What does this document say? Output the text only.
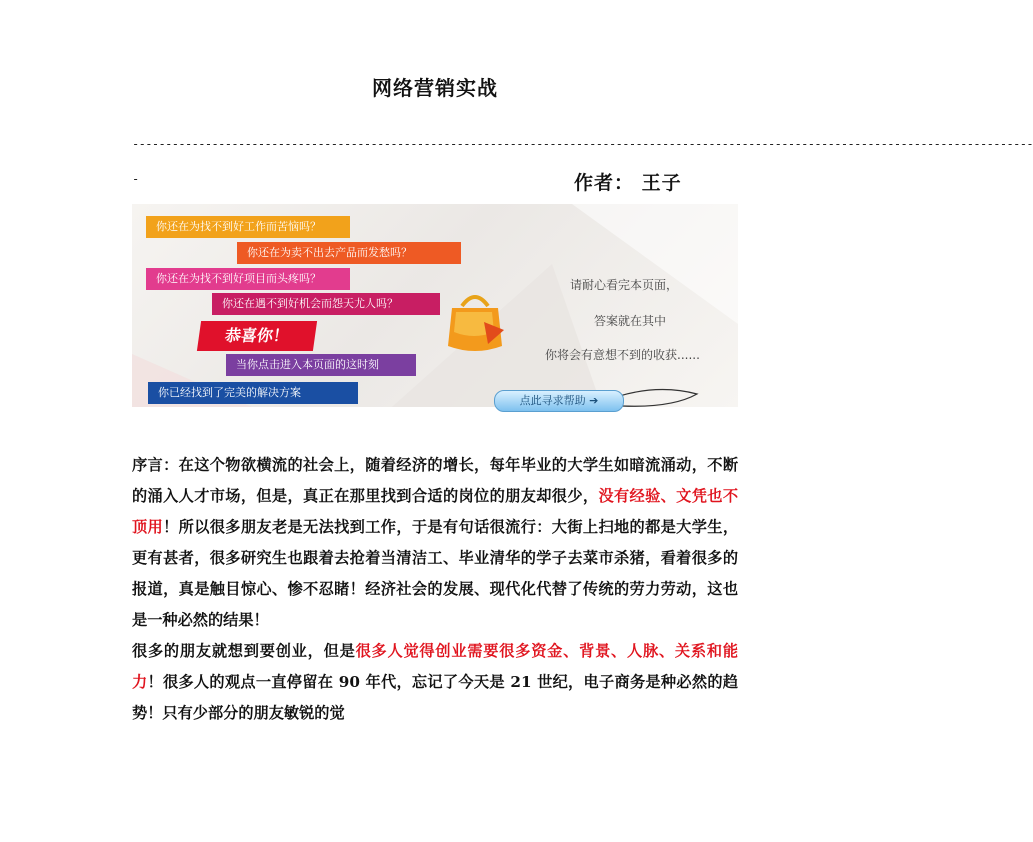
网络营销实战
----------------------------------------------------------------------------------------------------------------------------------------
-	作者： 王子
你还在为找不到好工作而苦恼吗？
你还在为卖不出去产品而发愁吗？
你还在为找不到好项目而头疼吗？
你还在遇不到好机会而怨天尤人吗？
恭喜你！
当你点击进入本页面的这时刻
你已经找到了完美的解决方案
请耐心看完本页面，
答案就在其中
你将会有意想不到的收获......
点此寻求帮助 ➔
序言：在这个物欲横流的社会上，随着经济的增长，每年毕业的大学生如暗流涌动，不断的涌入人才市场，但是，真正在那里找到合适的岗位的朋友却很少，没有经验、文凭也不顶用！所以很多朋友老是无法找到工作，于是有句话很流行：大街上扫地的都是大学生，更有甚者，很多研究生也跟着去抢着当清洁工、毕业清华的学子去菜市杀猪，看着很多的报道，真是触目惊心、惨不忍睹！经济社会的发展、现代化代替了传统的劳力劳动，这也是一种必然的结果！
很多的朋友就想到要创业，但是很多人觉得创业需要很多资金、背景、人脉、关系和能力！很多人的观点一直停留在 90 年代，忘记了今天是 21 世纪，电子商务是种必然的趋势！只有少部分的朋友敏锐的觉
